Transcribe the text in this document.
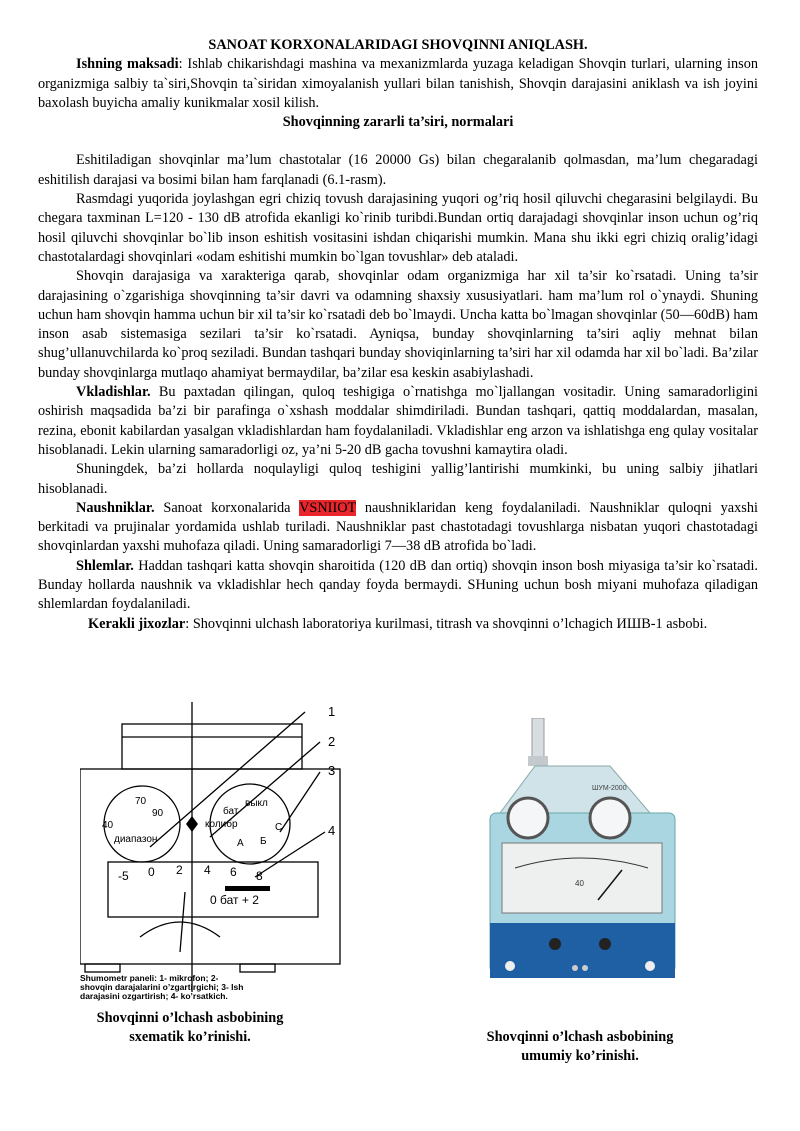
SANOAT KORXONALARIDAGI SHOVQINNI ANIQLASH.

Ishning maksadi: Ishlab chikarishdagi mashina va mexanizmlarda yuzaga keladigan Shovqin turlari, ularning inson organizmiga salbiy ta`siri,Shovqin ta`siridan ximoyalanish yullari bilan tanishish, Shovqin darajasini aniklash va ish joyini baxolash buyicha amaliy kunikmalar xosil kilish.

Shovqinning zararli ta’siri, normalari

Eshitiladigan shovqinlar ma’lum chastotalar (16 20000 Gs) bilan chegaralanib qolmasdan, ma’lum chegaradagi eshitilish darajasi va bosimi bilan ham farqlanadi (6.1-rasm).

Rasmdagi yuqorida joylashgan egri chiziq tovush darajasining yuqori og’riq hosil qiluvchi chegarasini belgilaydi. Bu chegara taxminan L=120 - 130 dB atrofida ekanligi ko`rinib turibdi.Bundan ortiq darajadagi shovqinlar inson uchun og’riq hosil qiluvchi shovqinlar bo`lib inson eshitish vositasini ishdan chiqarishi mumkin. Mana shu ikki egri chiziq oralig’idagi chastotalardagi shovqinlari «odam eshitishi mumkin bo`lgan tovushlar» deb ataladi.

Shovqin darajasiga va xarakteriga qarab, shovqinlar odam organizmiga har xil ta’sir ko`rsatadi. Uning ta’sir darajasining o`zgarishiga shovqinning ta’sir davri va odamning shaxsiy xususiyatlari. ham ma’lum rol o`ynaydi. Shuning uchun ham shovqin hamma uchun bir xil ta’sir ko`rsatadi deb bo`lmaydi. Uncha katta bo`lmagan shovqinlar (50—60dB) ham inson asab sistemasiga sezilari ta’sir ko`rsatadi. Ayniqsa, bunday shovqinlarning ta’siri aqliy mehnat bilan shug’ullanuvchilarda ko`proq seziladi. Bundan tashqari bunday shoviqinlarning ta’siri har xil odamda har xil bo`ladi. Ba’zilar bunday shovqinlarga mutlaqo ahamiyat bermaydilar, ba’zilar esa keskin asabiylashadi.

Vkladishlar. Bu paxtadan qilingan, quloq teshigiga o`rnatishga mo`ljallangan vositadir. Uning samaradorligini oshirish maqsadida ba’zi bir parafinga o`xshash moddalar shimdiriladi. Bundan tashqari, qattiq moddalardan, masalan, rezina, ebonit kabilardan yasalgan vkladishlardan ham foydalaniladi. Vkladishlar eng arzon va ishlatishga eng qulay vositalar hisoblanadi. Lekin ularning samaradorligi oz, ya’ni 5-20 dB gacha tovushni kamaytira oladi.

Shuningdek, ba’zi hollarda noqulayligi quloq teshigini yallig’lantirishi mumkinki, bu uning salbiy jihatlari hisoblanadi.

Naushniklar. Sanoat korxonalarida VSNIIOT naushniklaridan keng foydalaniladi. Naushniklar quloqni yaxshi berkitadi va prujinalar yordamida ushlab turiladi. Naushniklar past chastotadagi tovushlarga nisbatan yuqori chastotadagi shovqinlardan yaxshi muhofaza qiladi. Uning samaradorligi 7—38 dB atrofida bo`ladi.

Shlemlar. Haddan tashqari katta shovqin sharoitida (120 dB dan ortiq) shovqin inson bosh miyasiga ta’sir ko`rsatadi. Bunday hollarda naushnik va vkladishlar hech qanday foyda bermaydi. SHuning uchun bosh miyani muhofaza qiladigan shlemlardan foydalaniladi.

Kerakli jixozlar: Shovqinni ulchash laboratoriya kurilmasi, titrash va shovqinni o’lchagich ИШВ-1 asbobi.

1
2
3
4
70
90
40
диапазон
выкл
бат
колибр	С
А Б
-5 0 2 4 6 8
0 бат + 2
Shumometr paneli: 1- mikrofon; 2-
shovqin darajalarini o’zgartirgichi; 3- Ish
darajasini ozgartirish; 4- ko’rsatkich.
Shovqinni o’lchash asbobining
sxematik ko’rinishi.
ШУМ-2000
40
Shovqinni o’lchash asbobining
umumiy ko’rinishi.
